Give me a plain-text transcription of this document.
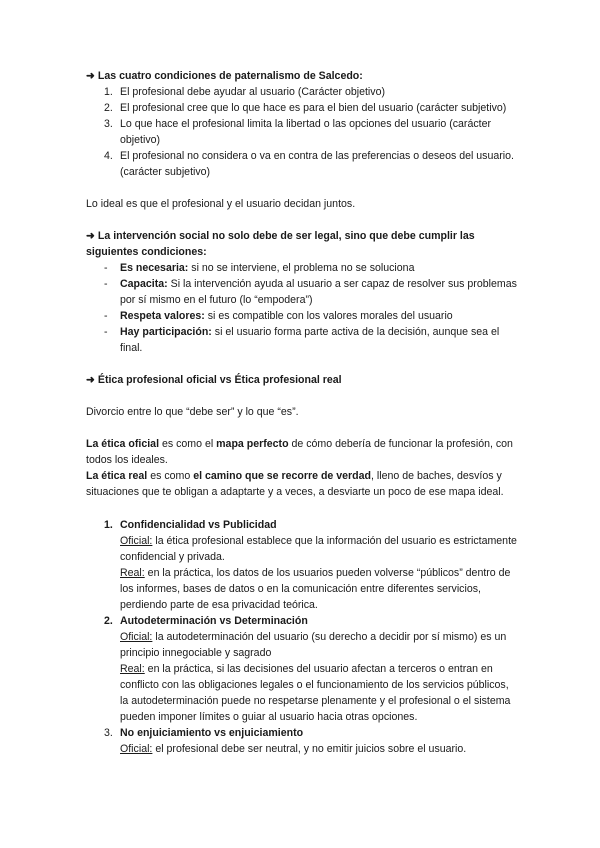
➜ Las cuatro condiciones de paternalismo de Salcedo:

1. El profesional debe ayudar al usuario (Carácter objetivo)
2. El profesional cree que lo que hace es para el bien del usuario (carácter subjetivo)
3. Lo que hace el profesional limita la libertad o las opciones del usuario (carácter objetivo)
4. El profesional no considera o va en contra de las preferencias o deseos del usuario. (carácter subjetivo)

Lo ideal es que el profesional y el usuario decidan juntos.

➜ La intervención social no solo debe de ser legal, sino que debe cumplir las siguientes condiciones:

- Es necesaria: si no se interviene, el problema no se soluciona
- Capacita: Si la intervención ayuda al usuario a ser capaz de resolver sus problemas por sí mismo en el futuro (lo “empodera”)
- Respeta valores: si es compatible con los valores morales del usuario
- Hay participación: si el usuario forma parte activa de la decisión, aunque sea el final.

➜ Ética profesional oficial vs Ética profesional real

Divorcio entre lo que “debe ser” y lo que “es”.

La ética oficial es como el mapa perfecto de cómo debería de funcionar la profesión, con todos los ideales.

La ética real es como el camino que se recorre de verdad, lleno de baches, desvíos y situaciones que te obligan a adaptarte y a veces, a desviarte un poco de ese mapa ideal.

1. Confidencialidad vs Publicidad

Oficial: la ética profesional establece que la información del usuario es estrictamente confidencial y privada.

Real: en la práctica, los datos de los usuarios pueden volverse “públicos” dentro de los informes, bases de datos o en la comunicación entre diferentes servicios, perdiendo parte de esa privacidad teórica.

2. Autodeterminación vs Determinación

Oficial: la autodeterminación del usuario (su derecho a decidir por sí mismo) es un principio innegociable y sagrado

Real: en la práctica, si las decisiones del usuario afectan a terceros o entran en conflicto con las obligaciones legales o el funcionamiento de los servicios públicos, la autodeterminación puede no respetarse plenamente y el profesional o el sistema pueden imponer límites o guiar al usuario hacia otras opciones.

3. No enjuiciamiento vs enjuiciamiento

Oficial: el profesional debe ser neutral, y no emitir juicios sobre el usuario.
